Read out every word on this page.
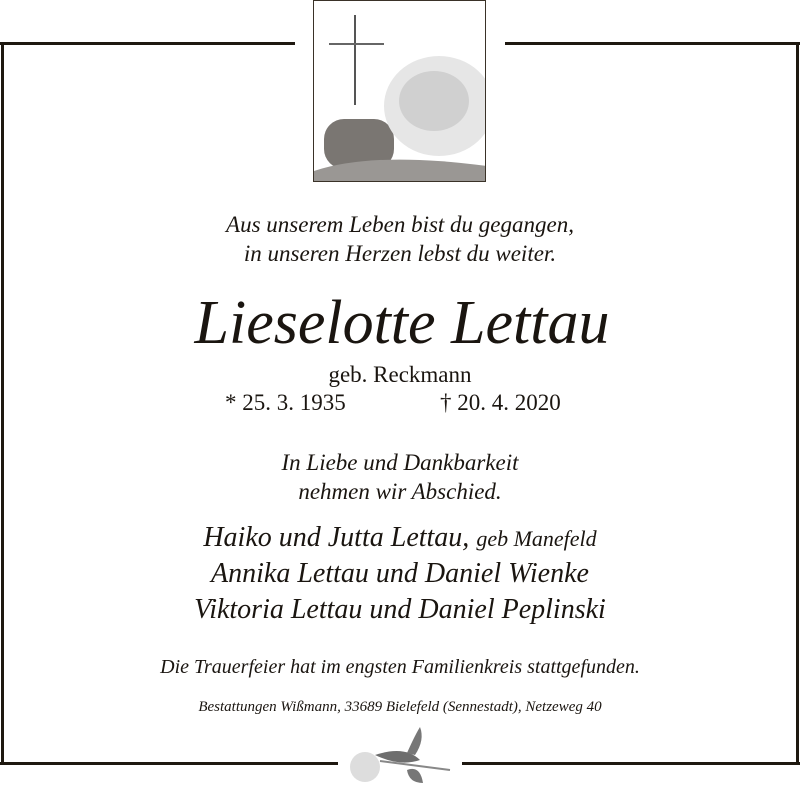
Aus unserem Leben bist du gegangen,
in unseren Herzen lebst du weiter.
Lieselotte Lettau
geb. Reckmann
* 25. 3. 1935	† 20. 4. 2020
In Liebe und Dankbarkeit
nehmen wir Abschied.
Haiko und Jutta Lettau, geb Manefeld
Annika Lettau und Daniel Wienke
Viktoria Lettau und Daniel Peplinski
Die Trauerfeier hat im engsten Familienkreis stattgefunden.
Bestattungen Wißmann, 33689 Bielefeld (Sennestadt), Netzeweg 40
